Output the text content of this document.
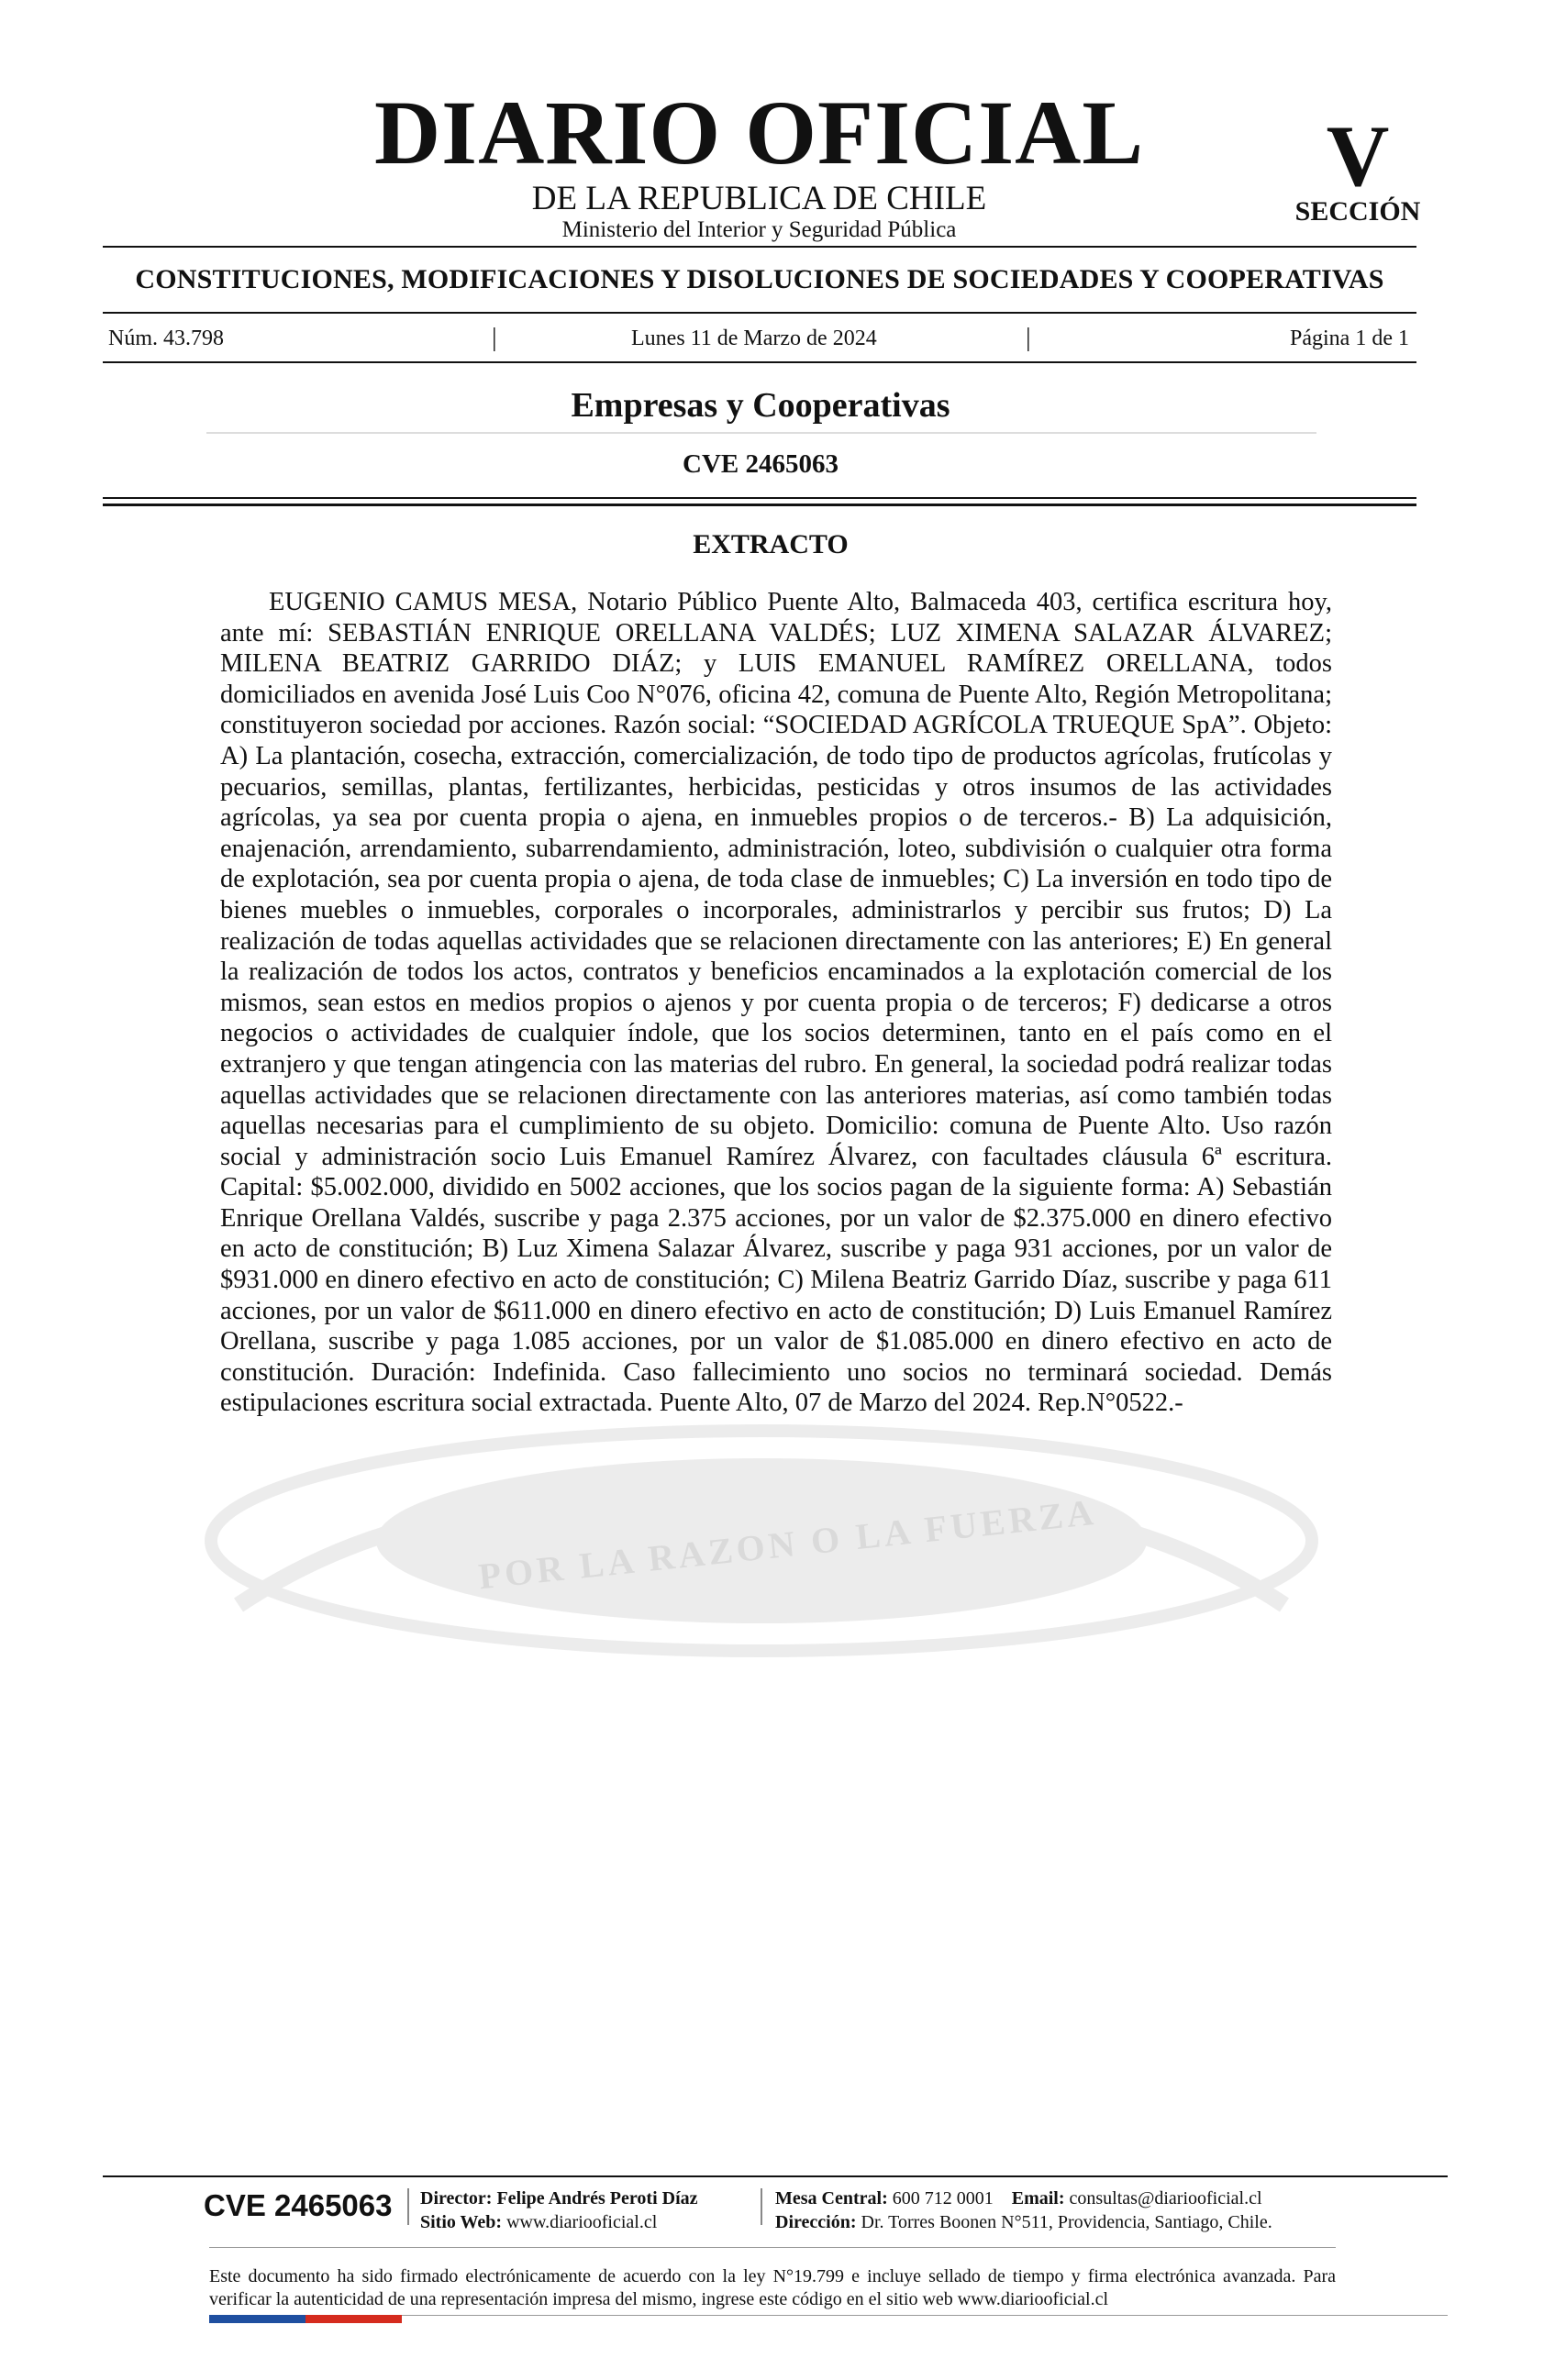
DIARIO OFICIAL
DE LA REPUBLICA DE CHILE
Ministerio del Interior y Seguridad Pública
V
SECCIÓN
CONSTITUCIONES, MODIFICACIONES Y DISOLUCIONES DE SOCIEDADES Y COOPERATIVAS
Núm. 43.798	|	Lunes 11 de Marzo de 2024	|	Página 1 de 1
Empresas y Cooperativas
CVE 2465063
POR LA RAZON O LA FUERZA
EXTRACTO
EUGENIO CAMUS MESA, Notario Público Puente Alto, Balmaceda 403, certifica escritura hoy, ante mí: SEBASTIÁN ENRIQUE ORELLANA VALDÉS; LUZ XIMENA SALAZAR ÁLVAREZ; MILENA BEATRIZ GARRIDO DIÁZ; y LUIS EMANUEL RAMÍREZ ORELLANA, todos domiciliados en avenida José Luis Coo N°076, oficina 42, comuna de Puente Alto, Región Metropolitana; constituyeron sociedad por acciones. Razón social: “SOCIEDAD AGRÍCOLA TRUEQUE SpA”. Objeto: A) La plantación, cosecha, extracción, comercialización, de todo tipo de productos agrícolas, frutícolas y pecuarios, semillas, plantas, fertilizantes, herbicidas, pesticidas y otros insumos de las actividades agrícolas, ya sea por cuenta propia o ajena, en inmuebles propios o de terceros.- B) La adquisición, enajenación, arrendamiento, subarrendamiento, administración, loteo, subdivisión o cualquier otra forma de explotación, sea por cuenta propia o ajena, de toda clase de inmuebles; C) La inversión en todo tipo de bienes muebles o inmuebles, corporales o incorporales, administrarlos y percibir sus frutos; D) La realización de todas aquellas actividades que se relacionen directamente con las anteriores; E) En general la realización de todos los actos, contratos y beneficios encaminados a la explotación comercial de los mismos, sean estos en medios propios o ajenos y por cuenta propia o de terceros; F) dedicarse a otros negocios o actividades de cualquier índole, que los socios determinen, tanto en el país como en el extranjero y que tengan atingencia con las materias del rubro. En general, la sociedad podrá realizar todas aquellas actividades que se relacionen directamente con las anteriores materias, así como también todas aquellas necesarias para el cumplimiento de su objeto. Domicilio: comuna de Puente Alto. Uso razón social y administración socio Luis Emanuel Ramírez Álvarez, con facultades cláusula 6ª escritura. Capital: $5.002.000, dividido en 5002 acciones, que los socios pagan de la siguiente forma: A) Sebastián Enrique Orellana Valdés, suscribe y paga 2.375 acciones, por un valor de $2.375.000 en dinero efectivo en acto de constitución; B) Luz Ximena Salazar Álvarez, suscribe y paga 931 acciones, por un valor de $931.000 en dinero efectivo en acto de constitución; C) Milena Beatriz Garrido Díaz, suscribe y paga 611 acciones, por un valor de $611.000 en dinero efectivo en acto de constitución; D) Luis Emanuel Ramírez Orellana, suscribe y paga 1.085 acciones, por un valor de $1.085.000 en dinero efectivo en acto de constitución. Duración: Indefinida. Caso fallecimiento uno socios no terminará sociedad. Demás estipulaciones escritura social extractada. Puente Alto, 07 de Marzo del 2024. Rep.N°0522.-
CVE 2465063 Director: Felipe Andrés Peroti Díaz
Sitio Web: www.diariooficial.cl
Mesa Central: 600 712 0001 Email: consultas@diariooficial.cl
Dirección: Dr. Torres Boonen N°511, Providencia, Santiago, Chile.
Este documento ha sido firmado electrónicamente de acuerdo con la ley N°19.799 e incluye sellado de tiempo y firma electrónica avanzada. Para verificar la autenticidad de una representación impresa del mismo, ingrese este código en el sitio web www.diariooficial.cl
